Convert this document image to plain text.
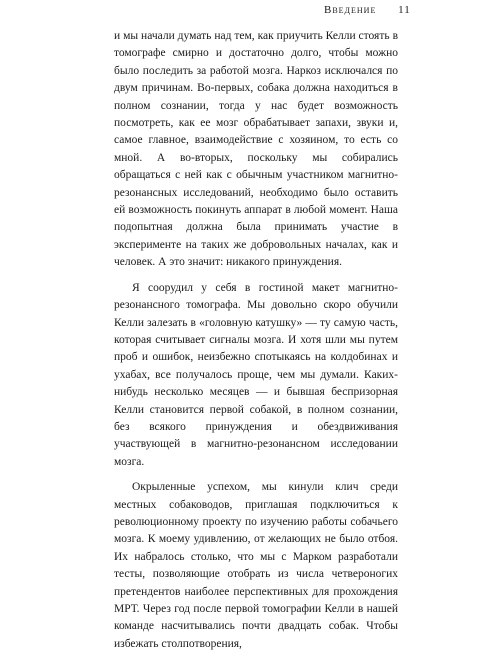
Введение 11

и мы начали думать над тем, как приучить Келли стоять в томографе смирно и достаточно долго, чтобы можно было последить за работой мозга. Наркоз исключался по двум причинам. Во-первых, собака должна находиться в полном сознании, тогда у нас будет возможность посмотреть, как ее мозг обрабатывает запахи, звуки и, самое главное, взаимодействие с хозяином, то есть со мной. А во-вторых, поскольку мы собирались обращаться с ней как с обычным участником магнитно-резонансных исследований, необходимо было оставить ей возможность покинуть аппарат в любой момент. Наша подопытная должна была принимать участие в эксперименте на таких же добровольных началах, как и человек. А это значит: никакого принуждения.

Я соорудил у себя в гостиной макет магнитно-резонансного томографа. Мы довольно скоро обучили Келли залезать в «головную катушку» — ту самую часть, которая считывает сигналы мозга. И хотя шли мы путем проб и ошибок, неизбежно спотыкаясь на колдобинах и ухабах, все получалось проще, чем мы думали. Каких-нибудь несколько месяцев — и бывшая беспризорная Келли становится первой собакой, в полном сознании, без всякого принуждения и обездвиживания участвующей в магнитно-резонансном исследовании мозга.

Окрыленные успехом, мы кинули клич среди местных собаководов, приглашая подключиться к революционному проекту по изучению работы собачьего мозга. К моему удивлению, от желающих не было отбоя. Их набралось столько, что мы с Марком разработали тесты, позволяющие отобрать из числа четвероногих претендентов наиболее перспективных для прохождения МРТ. Через год после первой томографии Келли в нашей команде насчитывались почти двадцать собак. Чтобы избежать столпотворения,
